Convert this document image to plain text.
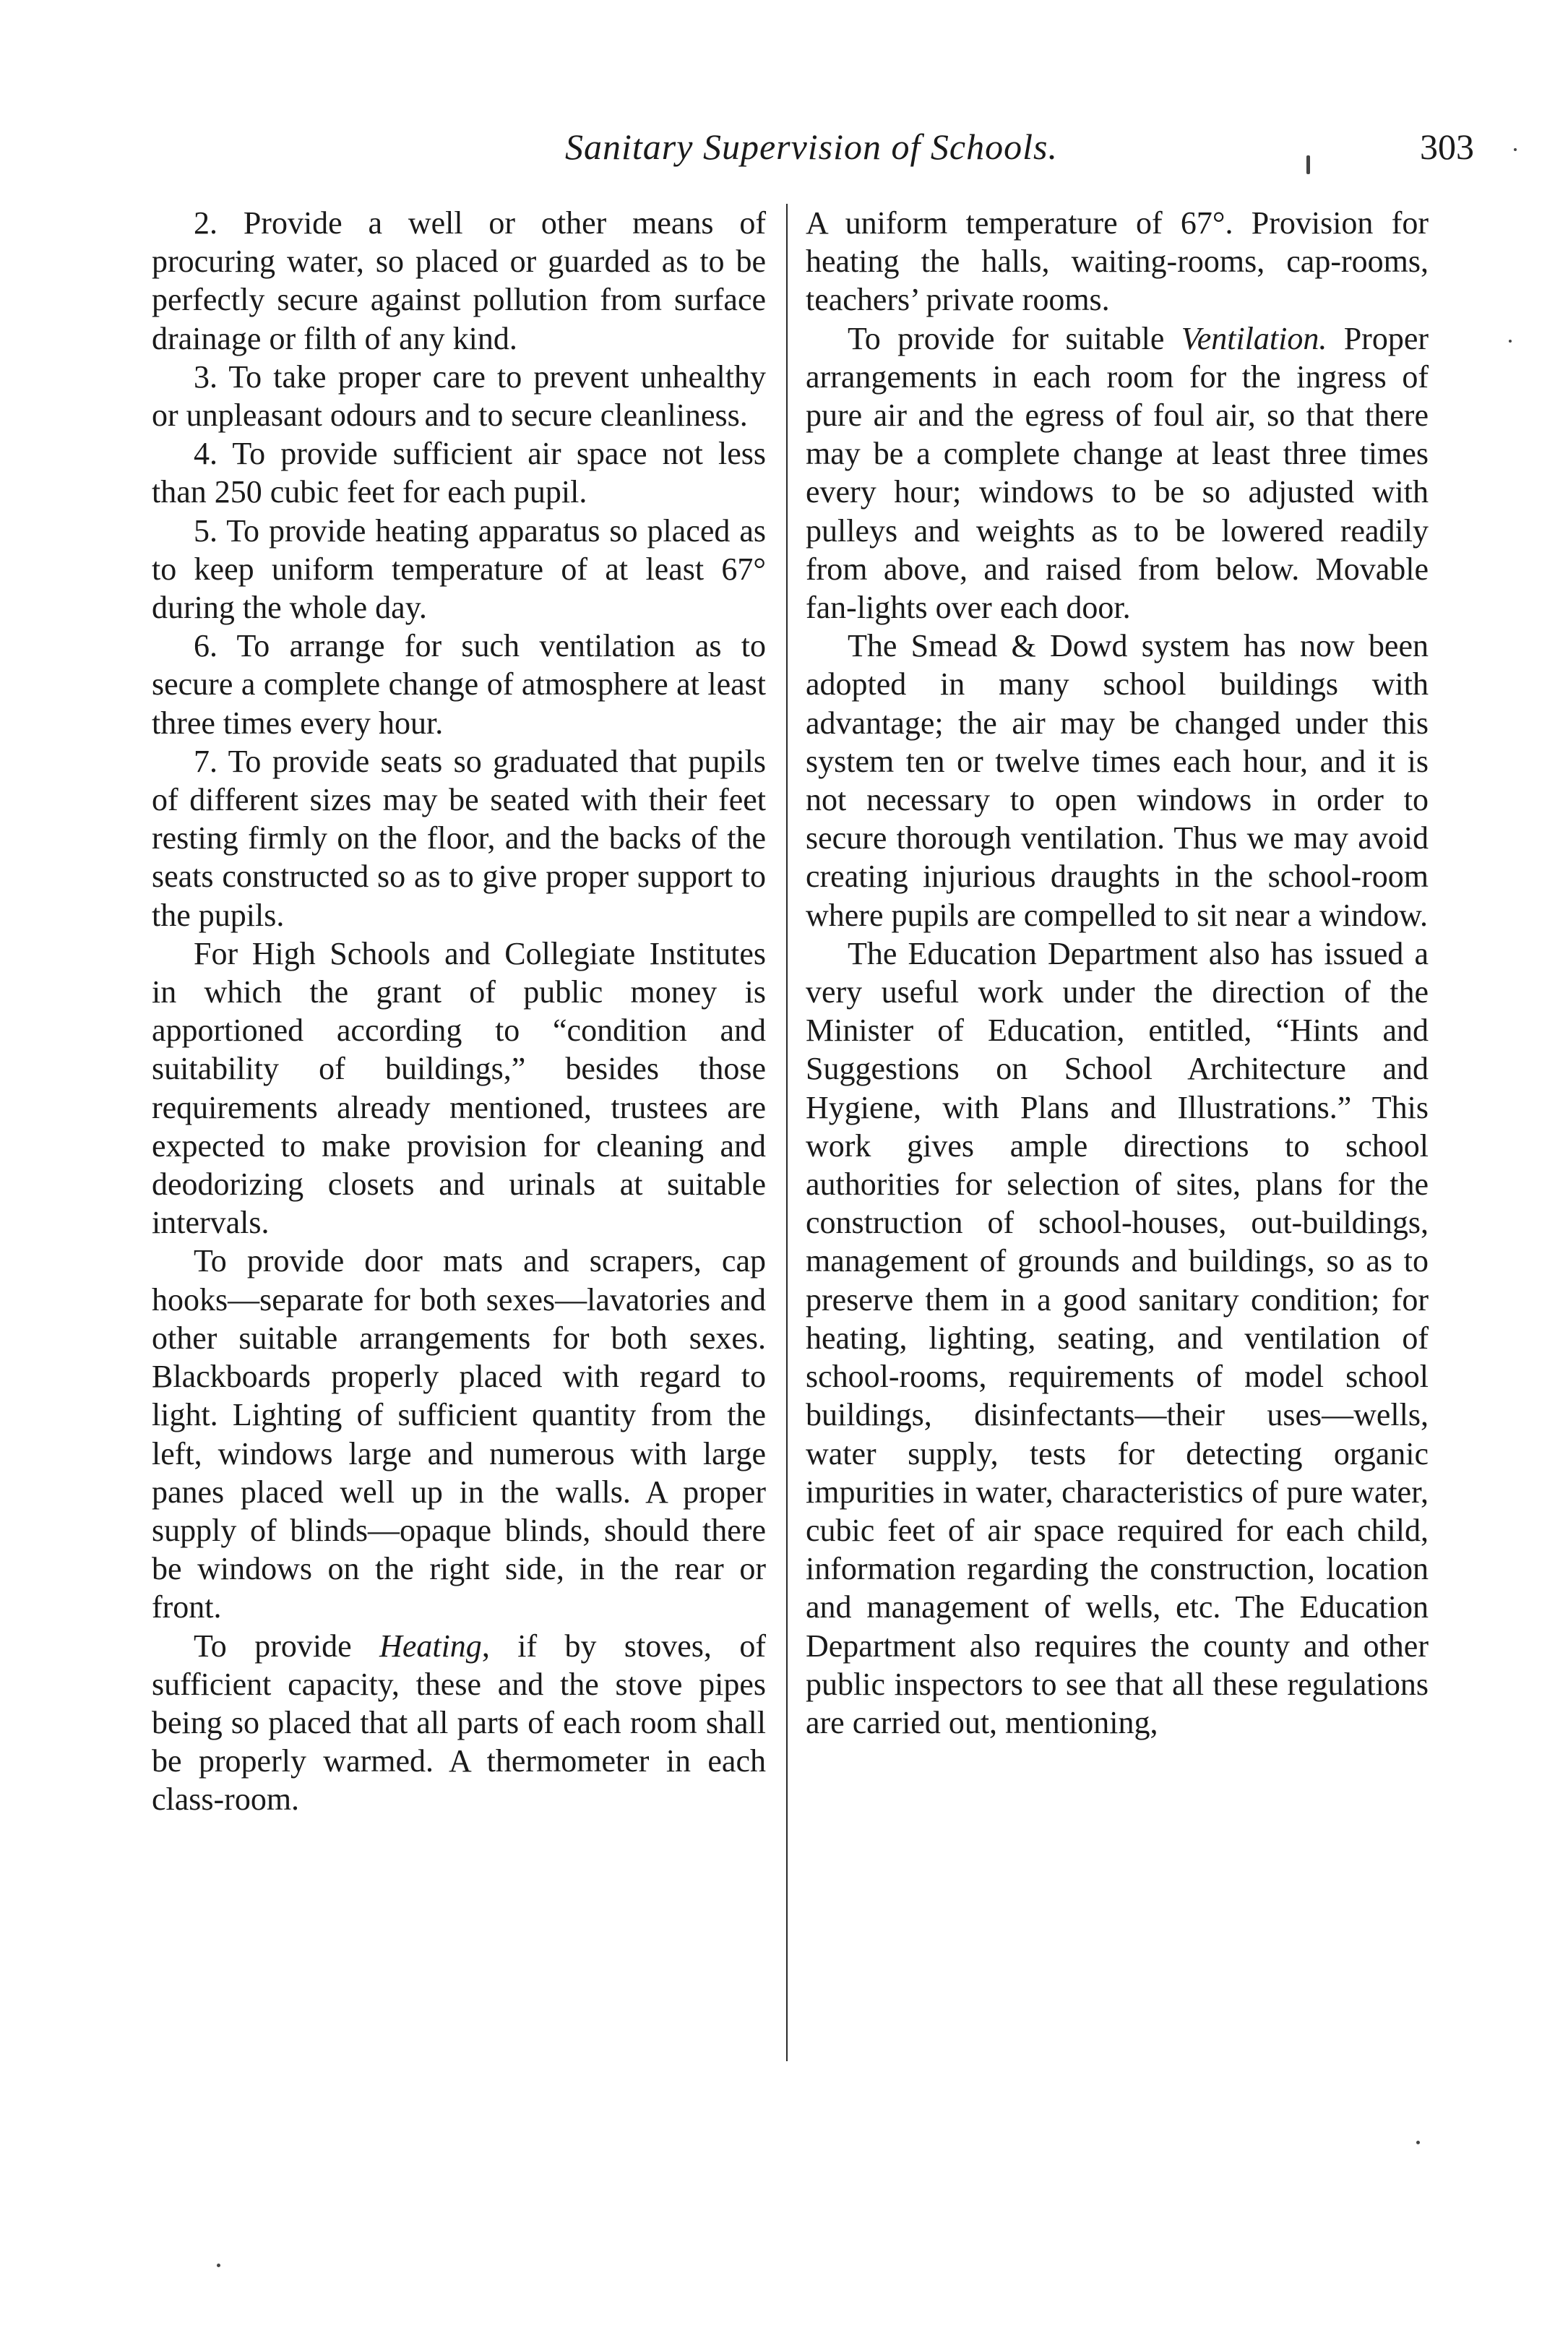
Sanitary Supervision of Schools.	303

2. Provide a well or other means of procuring water, so placed or guarded as to be perfectly secure against pollution from surface drainage or filth of any kind.

3. To take proper care to prevent unhealthy or unpleasant odours and to secure cleanliness.

4. To provide sufficient air space not less than 250 cubic feet for each pupil.

5. To provide heating apparatus so placed as to keep uniform temperature of at least 67° during the whole day.

6. To arrange for such ventilation as to secure a complete change of atmosphere at least three times every hour.

7. To provide seats so graduated that pupils of different sizes may be seated with their feet resting firmly on the floor, and the backs of the seats constructed so as to give proper support to the pupils.

For High Schools and Collegiate Institutes in which the grant of public money is apportioned according to “condition and suitability of buildings,” besides those requirements already mentioned, trustees are expected to make provision for cleaning and deodorizing closets and urinals at suitable intervals.

To provide door mats and scrapers, cap hooks—separate for both sexes—lavatories and other suitable arrangements for both sexes. Blackboards properly placed with regard to light. Lighting of sufficient quantity from the left, windows large and numerous with large panes placed well up in the walls. A proper supply of blinds—opaque blinds, should there be windows on the right side, in the rear or front.

To provide Heating, if by stoves, of sufficient capacity, these and the stove pipes being so placed that all parts of each room shall be properly warmed. A thermometer in each class-room.

A uniform temperature of 67°. Provision for heating the halls, waiting-rooms, cap-rooms, teachers’ private rooms.

To provide for suitable Ventilation. Proper arrangements in each room for the ingress of pure air and the egress of foul air, so that there may be a complete change at least three times every hour; windows to be so adjusted with pulleys and weights as to be lowered readily from above, and raised from below. Movable fan-lights over each door.

The Smead & Dowd system has now been adopted in many school buildings with advantage; the air may be changed under this system ten or twelve times each hour, and it is not necessary to open windows in order to secure thorough ventilation. Thus we may avoid creating injurious draughts in the school-room where pupils are compelled to sit near a window.

The Education Department also has issued a very useful work under the direction of the Minister of Education, entitled, “Hints and Suggestions on School Architecture and Hygiene, with Plans and Illustrations.” This work gives ample directions to school authorities for selection of sites, plans for the construction of school-houses, out-buildings, management of grounds and buildings, so as to preserve them in a good sanitary condition; for heating, lighting, seating, and ventilation of school-rooms, requirements of model school buildings, disinfectants—their uses—wells, water supply, tests for detecting organic impurities in water, characteristics of pure water, cubic feet of air space required for each child, information regarding the construction, location and management of wells, etc. The Education Department also requires the county and other public inspectors to see that all these regulations are carried out, mentioning,
